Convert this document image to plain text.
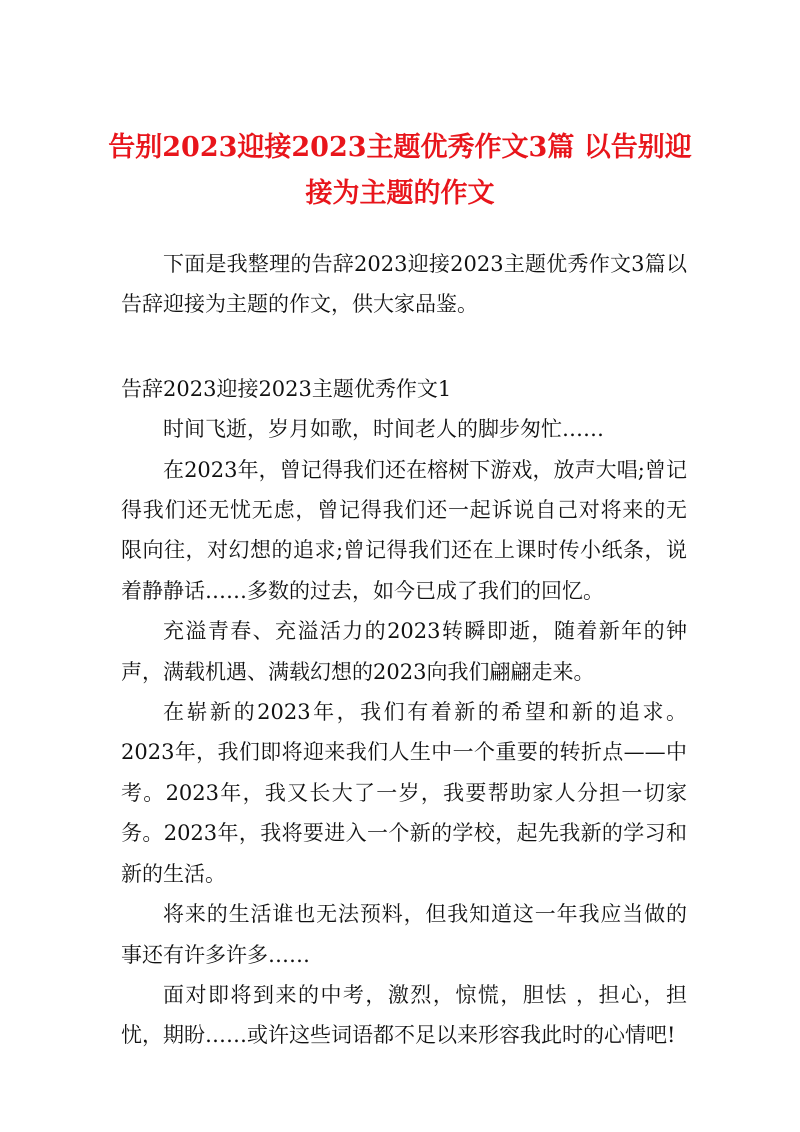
告别2023迎接2023主题优秀作文3篇 以告别迎接为主题的作文

下面是我整理的告辞2023迎接2023主题优秀作文3篇以告辞迎接为主题的作文，供大家品鉴。

告辞2023迎接2023主题优秀作文1

时间飞逝，岁月如歌，时间老人的脚步匆忙……

在2023年，曾记得我们还在榕树下游戏，放声大唱;曾记得我们还无忧无虑，曾记得我们还一起诉说自己对将来的无限向往，对幻想的追求;曾记得我们还在上课时传小纸条，说着静静话……多数的过去，如今已成了我们的回忆。

充溢青春、充溢活力的2023转瞬即逝，随着新年的钟声，满载机遇、满载幻想的2023向我们翩翩走来。

在崭新的2023年，我们有着新的希望和新的追求。2023年，我们即将迎来我们人生中一个重要的转折点——中考。2023年，我又长大了一岁，我要帮助家人分担一切家务。2023年，我将要进入一个新的学校，起先我新的学习和新的生活。

将来的生活谁也无法预料，但我知道这一年我应当做的事还有许多许多……

面对即将到来的中考，激烈，惊慌，胆怯 ，担心，担忧，期盼……或许这些词语都不足以来形容我此时的心情吧!
